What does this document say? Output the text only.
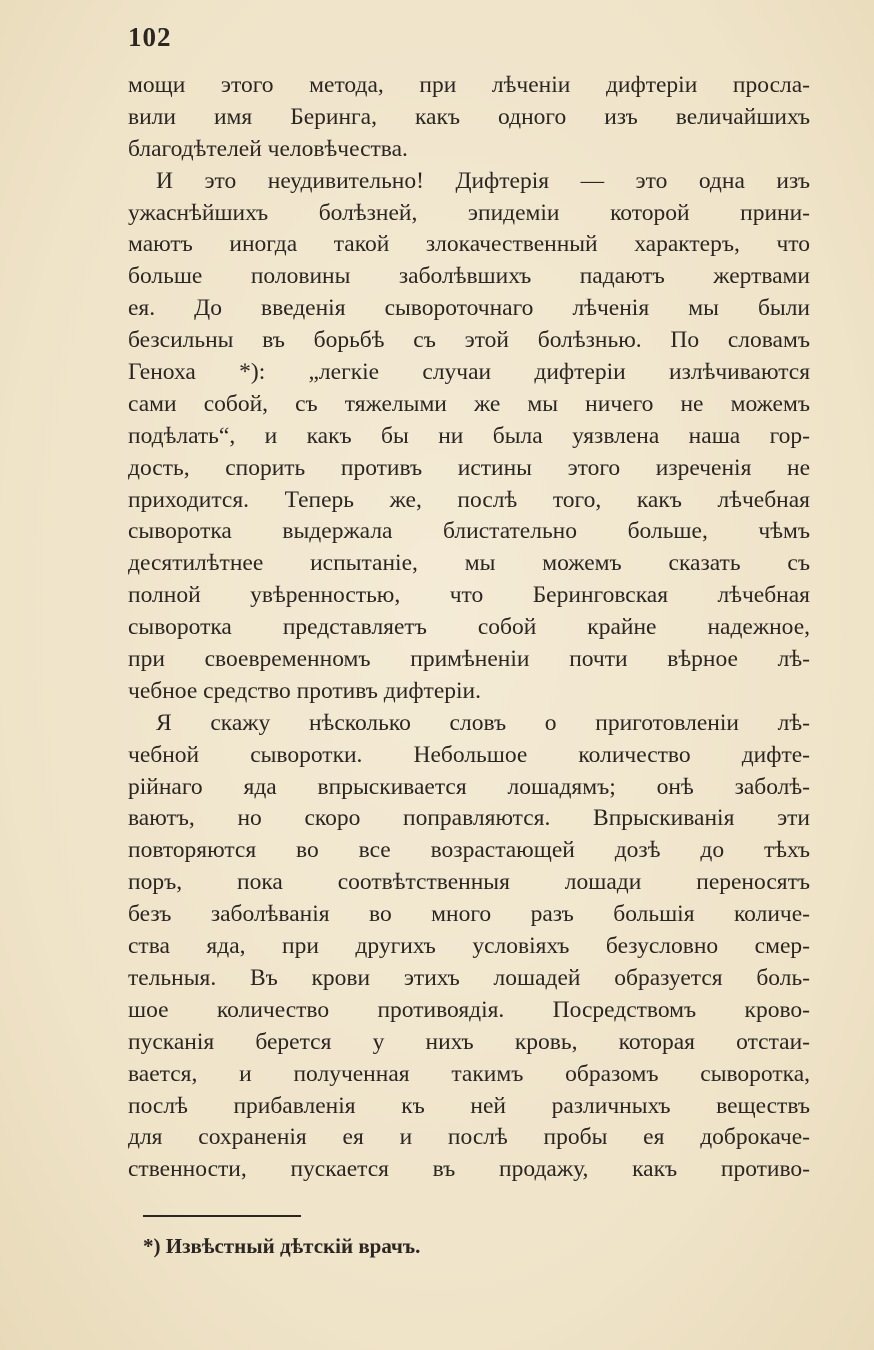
102
мощи этого метода, при лѣченіи дифтеріи просла-
вили имя Беринга, какъ одного изъ величайшихъ
благодѣтелей человѣчества.
И это неудивительно! Дифтерія — это одна изъ
ужаснѣйшихъ болѣзней, эпидеміи которой прини-
маютъ иногда такой злокачественный характеръ, что
больше половины заболѣвшихъ падаютъ жертвами
ея. До введенія сывороточнаго лѣченія мы были
безсильны въ борьбѣ съ этой болѣзнью. По словамъ
Геноха *): „легкіе случаи дифтеріи излѣчиваются
сами собой, съ тяжелыми же мы ничего не можемъ
подѣлать“, и какъ бы ни была уязвлена наша гор-
дость, спорить противъ истины этого изреченія не
приходится. Теперь же, послѣ того, какъ лѣчебная
сыворотка выдержала блистательно больше, чѣмъ
десятилѣтнее испытаніе, мы можемъ сказать съ
полной увѣренностью, что Беринговская лѣчебная
сыворотка представляетъ собой крайне надежное,
при своевременномъ примѣненіи почти вѣрное лѣ-
чебное средство противъ дифтеріи.
Я скажу нѣсколько словъ о приготовленіи лѣ-
чебной сыворотки. Небольшое количество дифте-
рійнаго яда впрыскивается лошадямъ; онѣ заболѣ-
ваютъ, но скоро поправляются. Впрыскиванія эти
повторяются во все возрастающей дозѣ до тѣхъ
поръ, пока соотвѣтственныя лошади переносятъ
безъ заболѣванія во много разъ большія количе-
ства яда, при другихъ условіяхъ безусловно смер-
тельныя. Въ крови этихъ лошадей образуется боль-
шое количество противоядія. Посредствомъ крово-
пусканія берется у нихъ кровь, которая отстаи-
вается, и полученная такимъ образомъ сыворотка,
послѣ прибавленія къ ней различныхъ веществъ
для сохраненія ея и послѣ пробы ея доброкаче-
ственности, пускается въ продажу, какъ противо-
*) Извѣстный дѣтскій врачъ.
